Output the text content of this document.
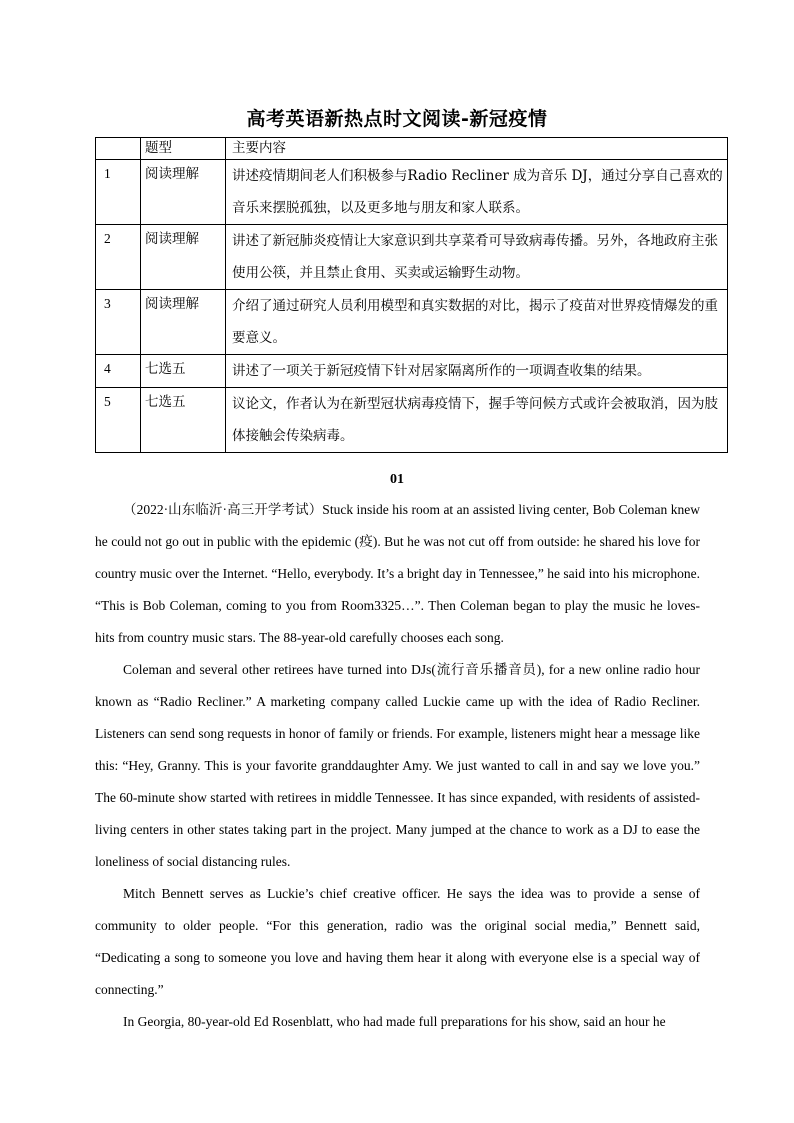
高考英语新热点时文阅读-新冠疫情
	题型	主要内容
1	阅读理解	讲述疫情期间老人们积极参与Radio Recliner 成为音乐 DJ，通过分享自己喜欢的音乐来摆脱孤独，以及更多地与朋友和家人联系。
2	阅读理解	讲述了新冠肺炎疫情让大家意识到共享菜肴可导致病毒传播。另外，各地政府主张使用公筷，并且禁止食用、买卖或运输野生动物。
3	阅读理解	介绍了通过研究人员利用模型和真实数据的对比，揭示了疫苗对世界疫情爆发的重要意义。
4	七选五	讲述了一项关于新冠疫情下针对居家隔离所作的一项调查收集的结果。
5	七选五	议论文，作者认为在新型冠状病毒疫情下，握手等问候方式或许会被取消，因为肢体接触会传染病毒。
01

（2022·山东临沂·高三开学考试）Stuck inside his room at an assisted living center, Bob Coleman knew he could not go out in public with the epidemic (疫). But he was not cut off from outside: he shared his love for country music over the Internet. “Hello, everybody. It’s a bright day in Tennessee,” he said into his microphone. “This is Bob Coleman, coming to you from Room3325…”. Then Coleman began to play the music he loves-hits from country music stars. The 88-year-old carefully chooses each song.

Coleman and several other retirees have turned into DJs(流行音乐播音员), for a new online radio hour known as “Radio Recliner.” A marketing company called Luckie came up with the idea of Radio Recliner. Listeners can send song requests in honor of family or friends. For example, listeners might hear a message like this: “Hey, Granny. This is your favorite granddaughter Amy. We just wanted to call in and say we love you.” The 60-minute show started with retirees in middle Tennessee. It has since expanded, with residents of assisted-living centers in other states taking part in the project. Many jumped at the chance to work as a DJ to ease the loneliness of social distancing rules.

Mitch Bennett serves as Luckie’s chief creative officer. He says the idea was to provide a sense of community to older people. “For this generation, radio was the original social media,” Bennett said, “Dedicating a song to someone you love and having them hear it along with everyone else is a special way of connecting.”

In Georgia, 80-year-old Ed Rosenblatt, who had made full preparations for his show, said an hour he
